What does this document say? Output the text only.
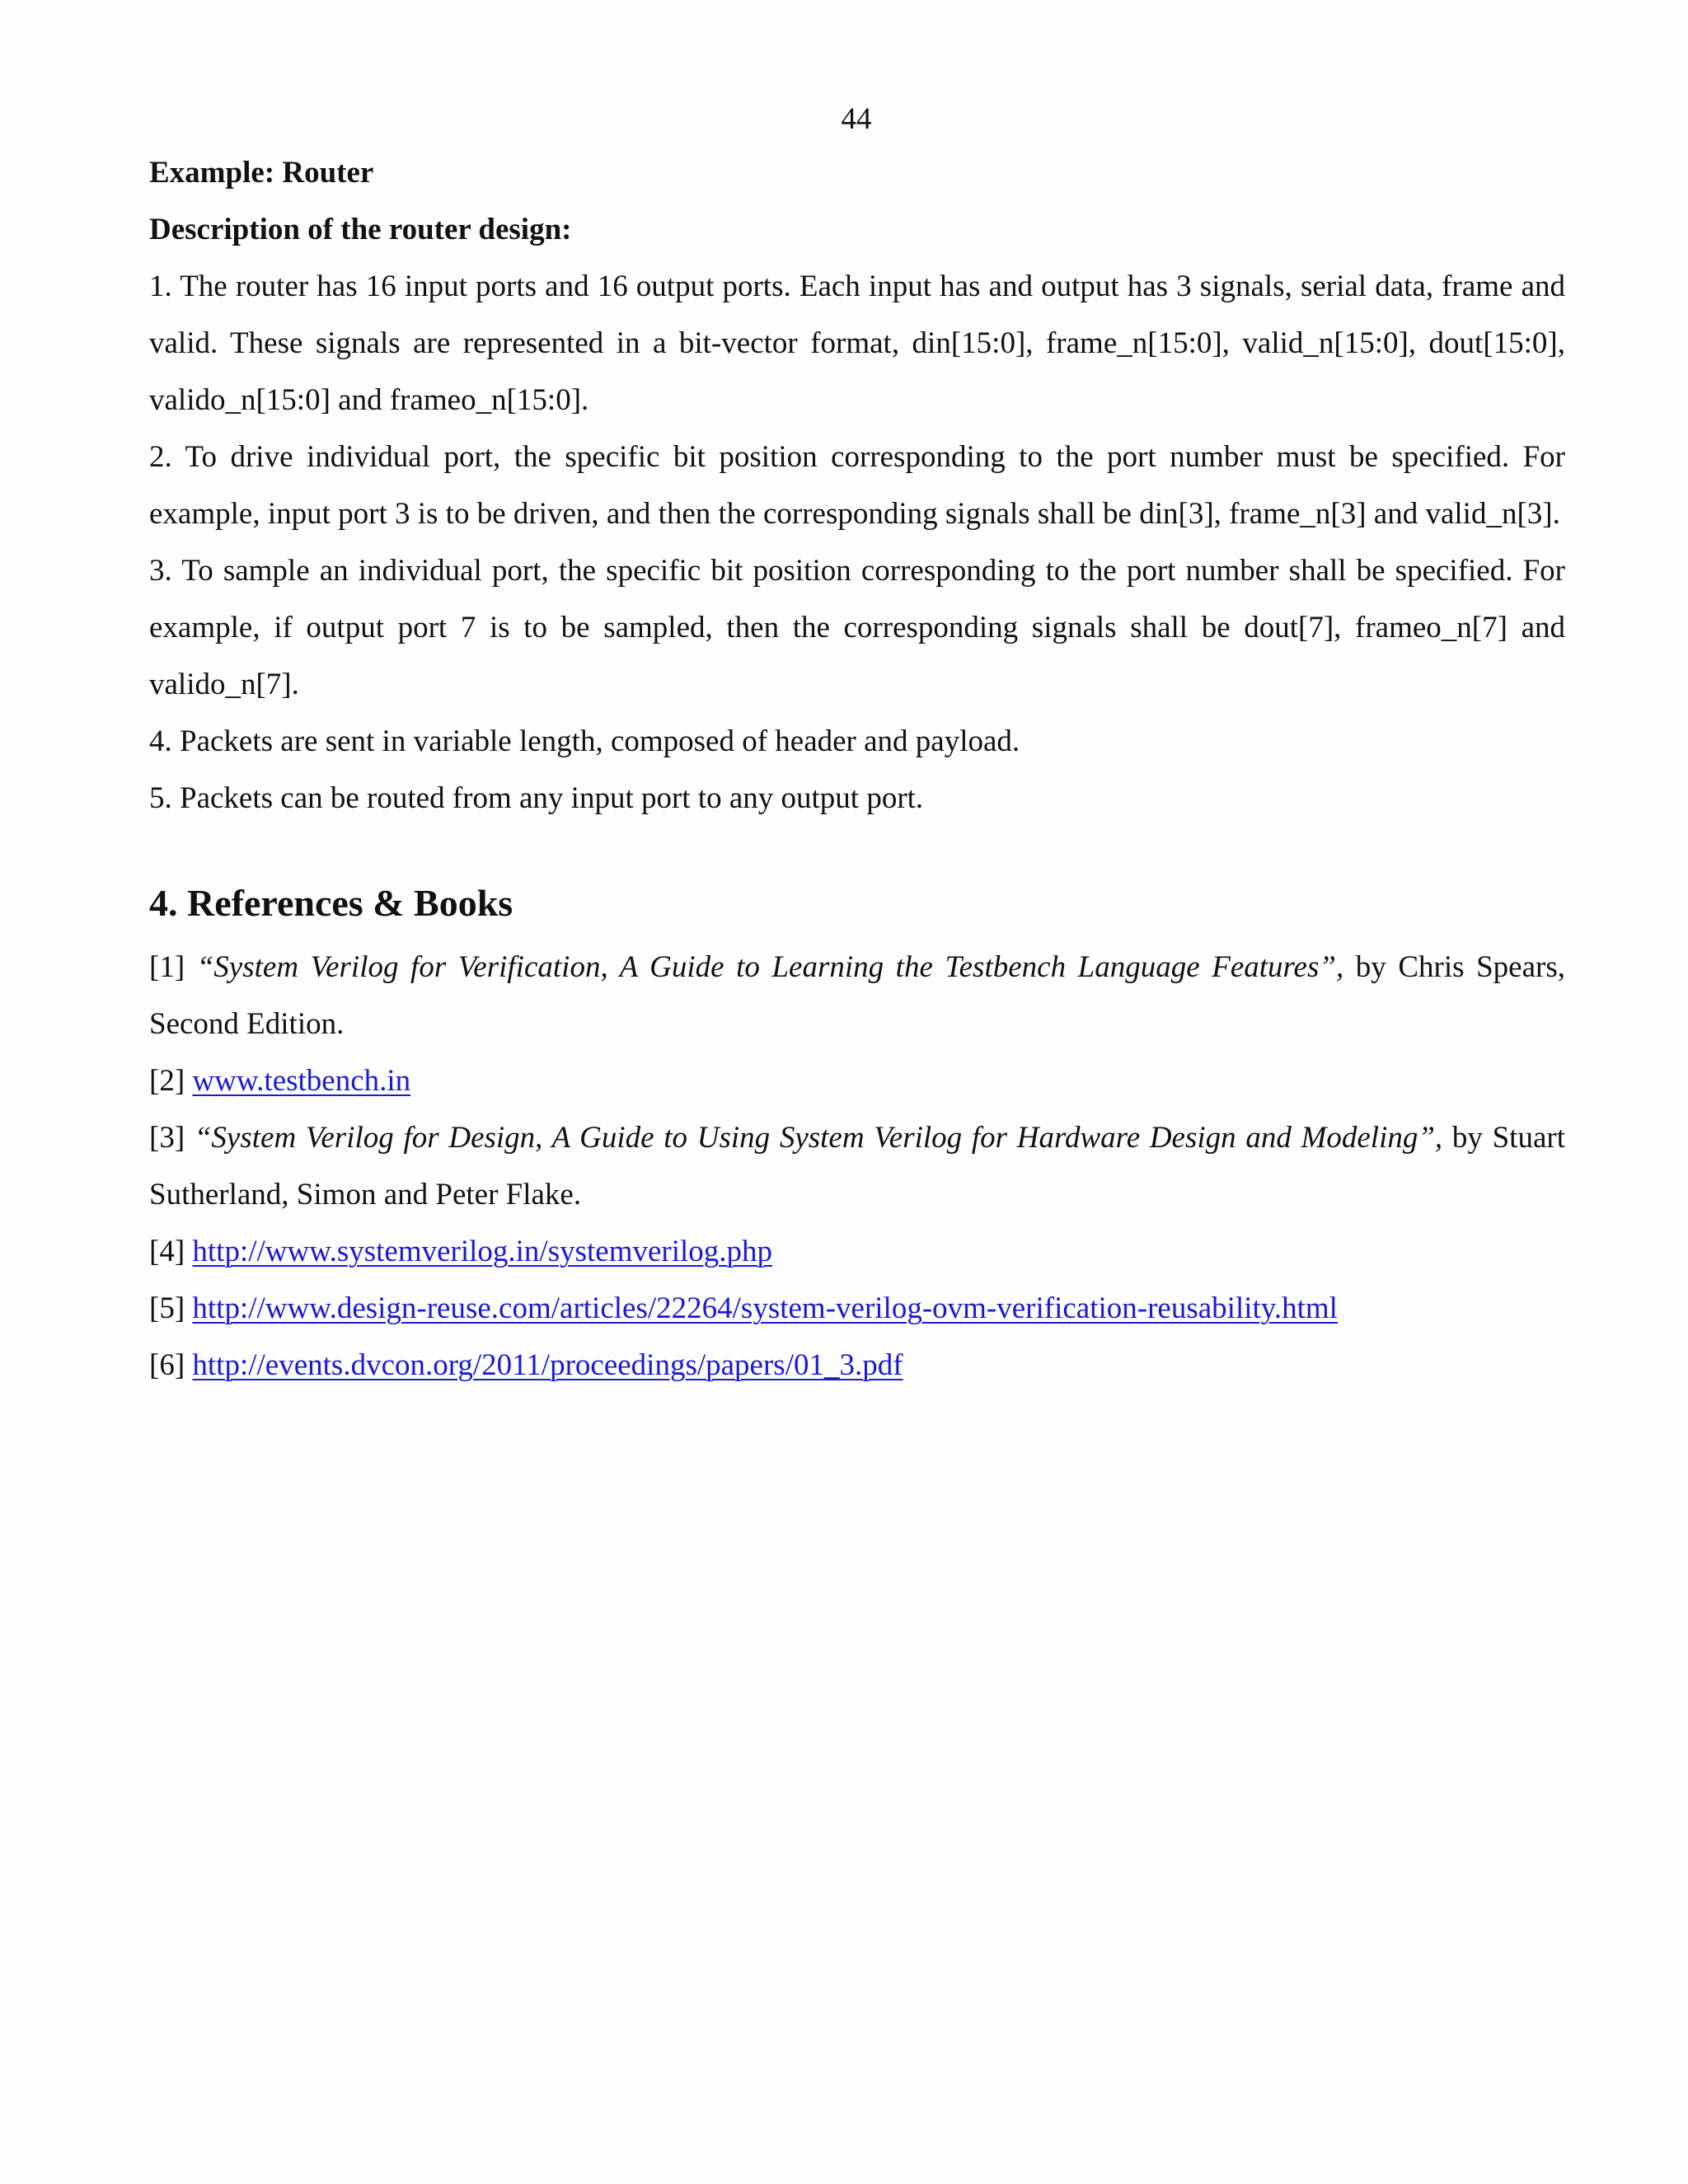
44

Example: Router

Description of the router design:

1. The router has 16 input ports and 16 output ports. Each input has and output has 3 signals, serial data, frame and valid. These signals are represented in a bit-vector format, din[15:0], frame_n[15:0], valid_n[15:0], dout[15:0], valido_n[15:0] and frameo_n[15:0].

2. To drive individual port, the specific bit position corresponding to the port number must be specified. For example, input port 3 is to be driven, and then the corresponding signals shall be din[3], frame_n[3] and valid_n[3].

3. To sample an individual port, the specific bit position corresponding to the port number shall be specified. For example, if output port 7 is to be sampled, then the corresponding signals shall be dout[7], frameo_n[7] and valido_n[7].

4. Packets are sent in variable length, composed of header and payload.

5. Packets can be routed from any input port to any output port.

4. References & Books

[1] “System Verilog for Verification, A Guide to Learning the Testbench Language Features”, by Chris Spears, Second Edition.

[2] www.testbench.in

[3] “System Verilog for Design, A Guide to Using System Verilog for Hardware Design and Modeling”, by Stuart Sutherland, Simon and Peter Flake.

[4] http://www.systemverilog.in/systemverilog.php

[5] http://www.design-reuse.com/articles/22264/system-verilog-ovm-verification-reusability.html

[6] http://events.dvcon.org/2011/proceedings/papers/01_3.pdf
